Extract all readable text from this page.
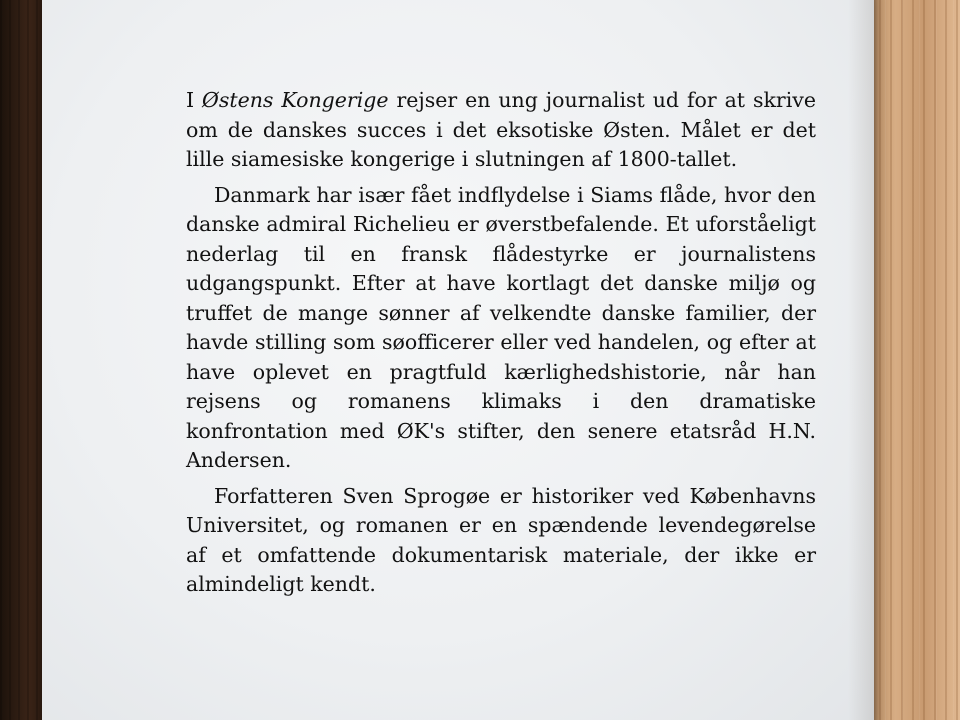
I Østens Kongerige rejser en ung journalist ud for at skrive om de danskes succes i det eksotiske Østen. Målet er det lille siamesiske kongerige i slutningen af 1800-tallet.

Danmark har især fået indflydelse i Siams flåde, hvor den danske admiral Richelieu er øverstbefalende. Et uforståeligt nederlag til en fransk flådestyrke er journalistens udgangspunkt. Efter at have kortlagt det danske miljø og truffet de mange sønner af velkendte danske familier, der havde stilling som søofficerer eller ved handelen, og efter at have oplevet en pragtfuld kærlighedshistorie, når han rejsens og romanens klimaks i den dramatiske konfrontation med ØK's stifter, den senere etatsråd H.N. Andersen.

Forfatteren Sven Sprogøe er historiker ved Københavns Universitet, og romanen er en spændende levendegørelse af et omfattende dokumentarisk materiale, der ikke er almindeligt kendt.
